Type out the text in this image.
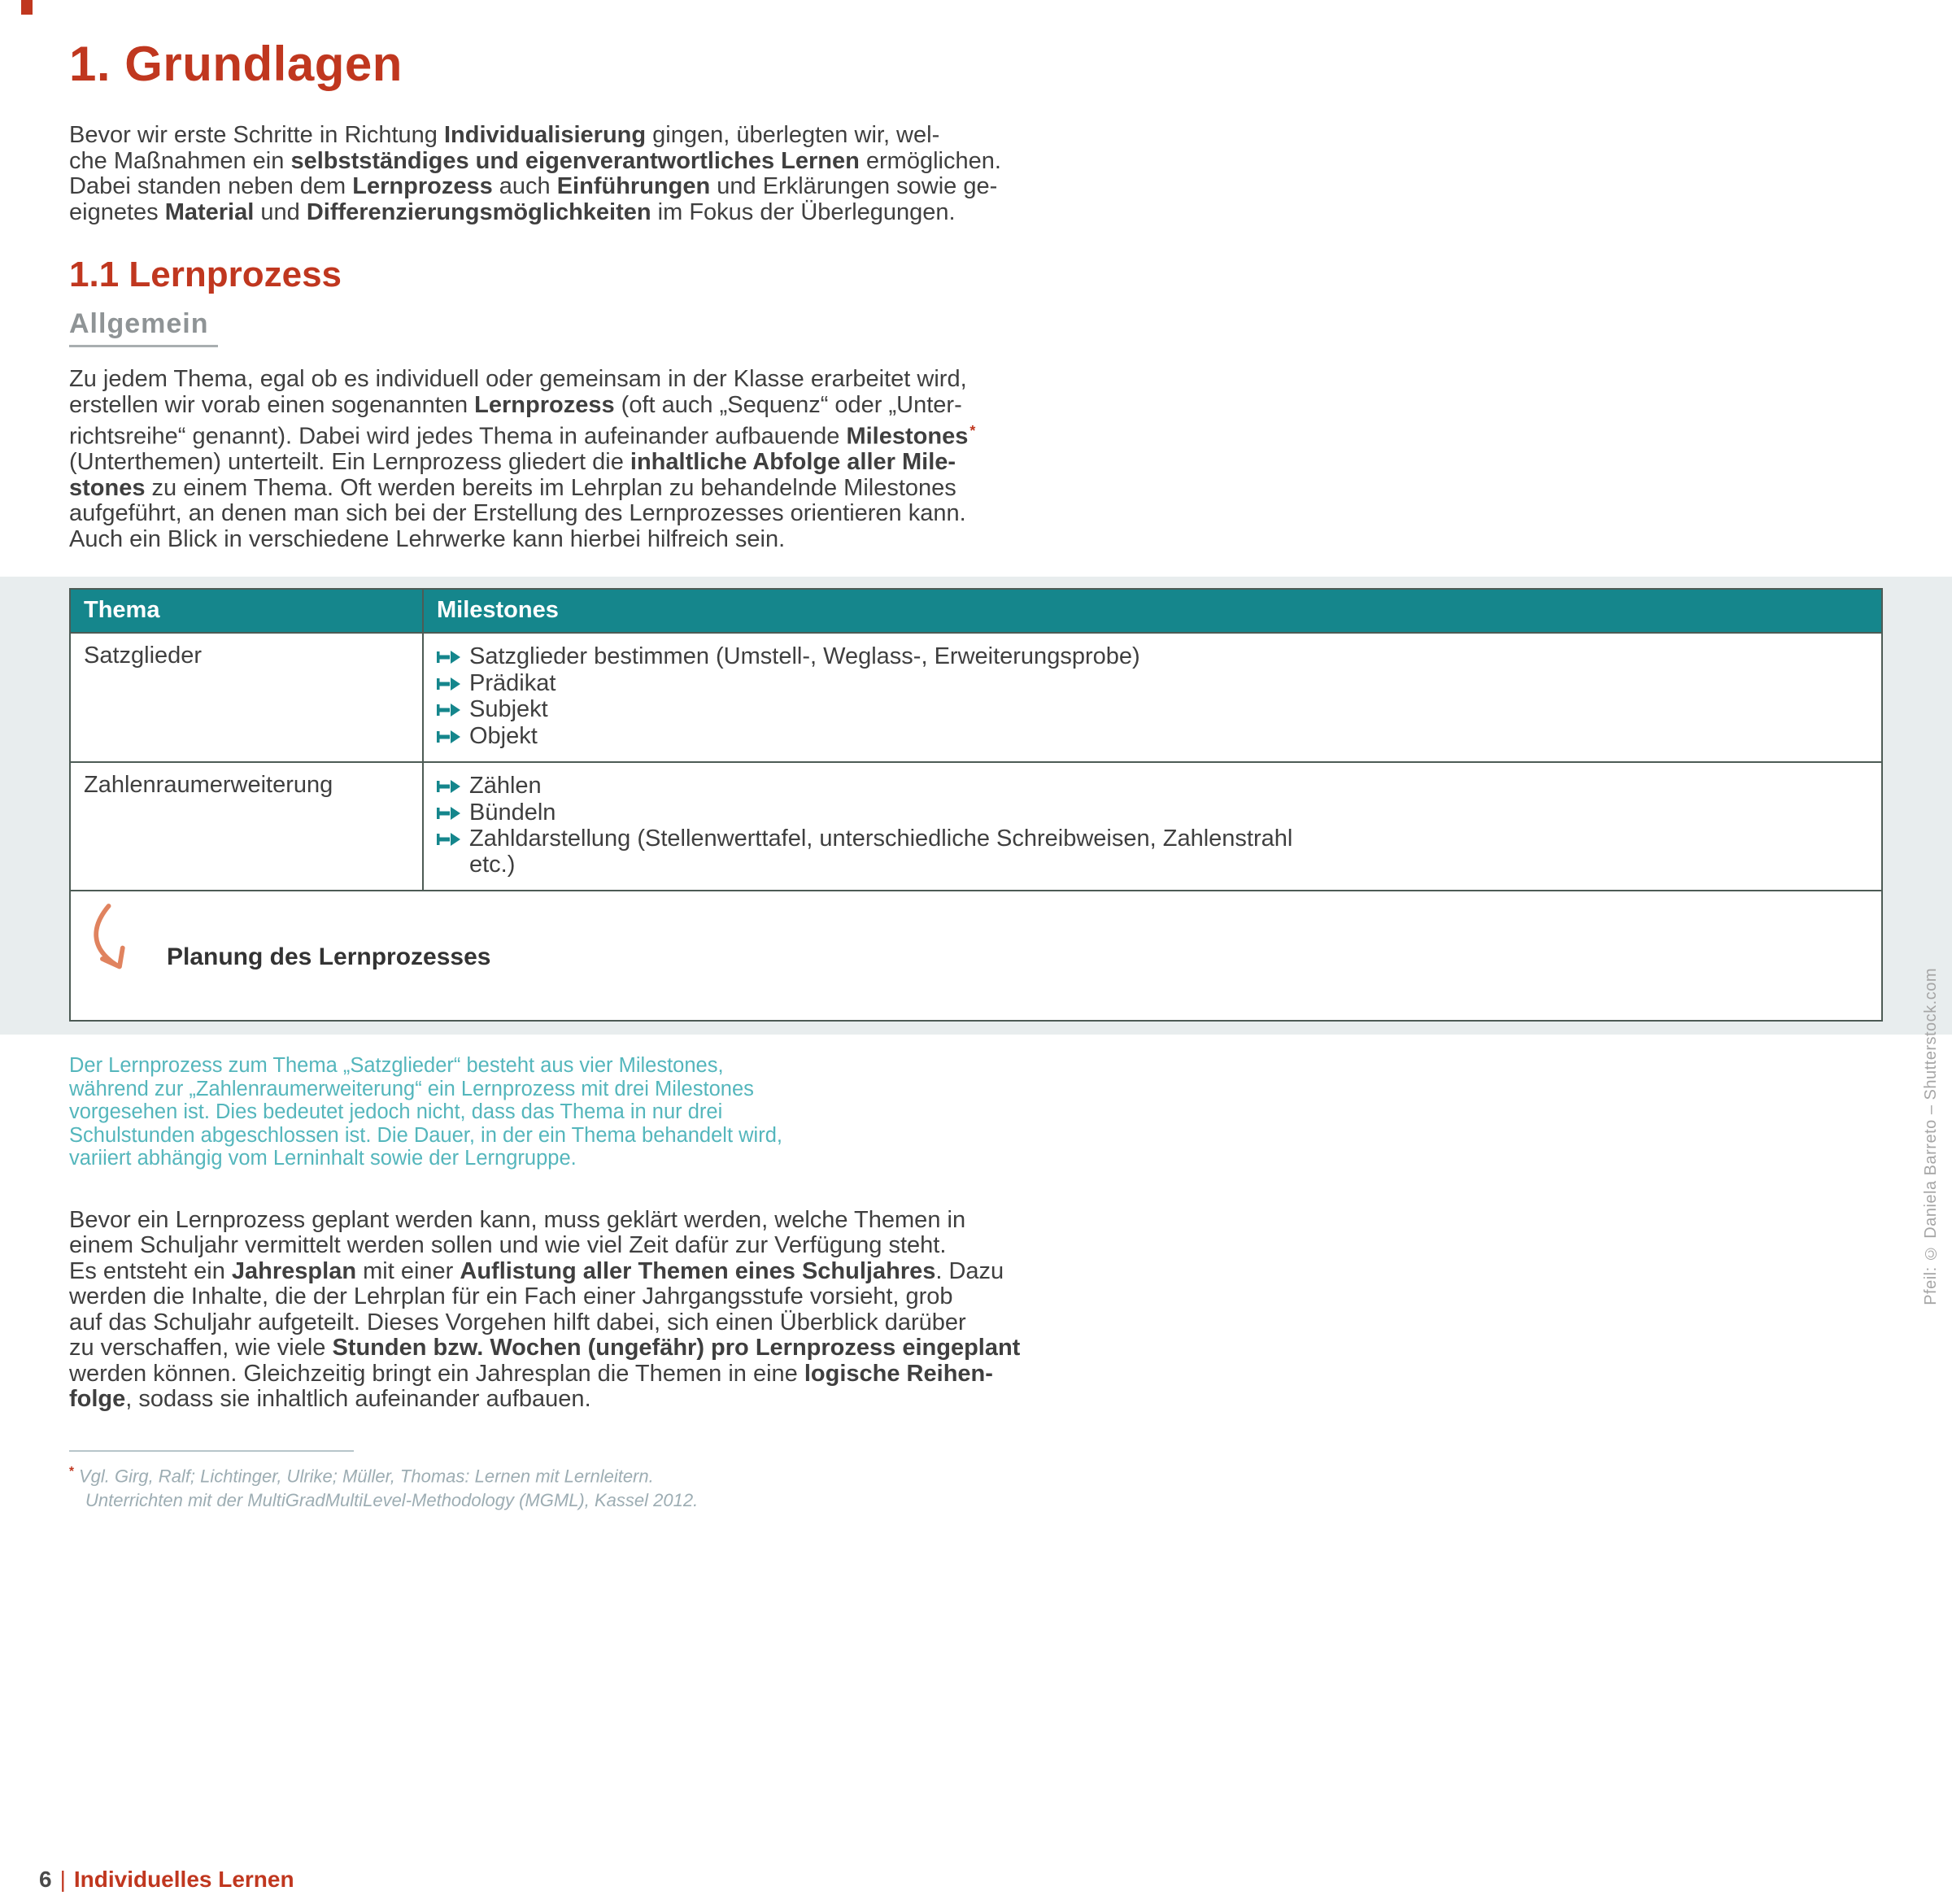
1. Grundlagen
Bevor wir erste Schritte in Richtung Individualisierung gingen, überlegten wir, wel-
che Maßnahmen ein selbstständiges und eigenverantwortliches Lernen ermöglichen.
Dabei standen neben dem Lernprozess auch Einführungen und Erklärungen sowie ge-
eignetes Material und Differenzierungsmöglichkeiten im Fokus der Überlegungen.
1.1 Lernprozess
Allgemein
Zu jedem Thema, egal ob es individuell oder gemeinsam in der Klasse erarbeitet wird,
erstellen wir vorab einen sogenannten Lernprozess (oft auch „Sequenz“ oder „Unter-
richtsreihe“ genannt). Dabei wird jedes Thema in aufeinander aufbauende Milestones *
(Unterthemen) unterteilt. Ein Lernprozess gliedert die inhaltliche Abfolge aller Mile-
stones zu einem Thema. Oft werden bereits im Lehrplan zu behandelnde Milestones
aufgeführt, an denen man sich bei der Erstellung des Lernprozesses orientieren kann.
Auch ein Blick in verschiedene Lehrwerke kann hierbei hilfreich sein.
Thema	Milestones
Satzglieder	Satzglieder bestimmen (Umstell-, Weglass-, Erweiterungsprobe)
Prädikat
Subjekt
Objekt

Zahlenraumerweiterung	Zählen
Bündeln
Zahldarstellung (Stellenwerttafel, unterschiedliche Schreibweisen, Zahlenstrahl etc.)

Planung des Lernprozesses	
Der Lernprozess zum Thema „Satzglieder“ besteht aus vier Milestones,
während zur „Zahlenraumerweiterung“ ein Lernprozess mit drei Milestones
vorgesehen ist. Dies bedeutet jedoch nicht, dass das Thema in nur drei
Schulstunden abgeschlossen ist. Die Dauer, in der ein Thema behandelt wird,
variiert abhängig vom Lerninhalt sowie der Lerngruppe.
Bevor ein Lernprozess geplant werden kann, muss geklärt werden, welche Themen in
einem Schuljahr vermittelt werden sollen und wie viel Zeit dafür zur Verfügung steht.
Es entsteht ein Jahresplan mit einer Auflistung aller Themen eines Schuljahres. Dazu
werden die Inhalte, die der Lehrplan für ein Fach einer Jahrgangsstufe vorsieht, grob
auf das Schuljahr aufgeteilt. Dieses Vorgehen hilft dabei, sich einen Überblick darüber
zu verschaffen, wie viele Stunden bzw. Wochen (ungefähr) pro Lernprozess eingeplant
werden können. Gleichzeitig bringt ein Jahresplan die Themen in eine logische Reihen-
folge, sodass sie inhaltlich aufeinander aufbauen.
* Vgl. Girg, Ralf; Lichtinger, Ulrike; Müller, Thomas: Lernen mit Lernleitern.
Unterrichten mit der MultiGradMultiLevel-Methodology (MGML), Kassel 2012.
6 | Individuelles Lernen
Pfeil: © Daniela Barreto – Shutterstock.com
